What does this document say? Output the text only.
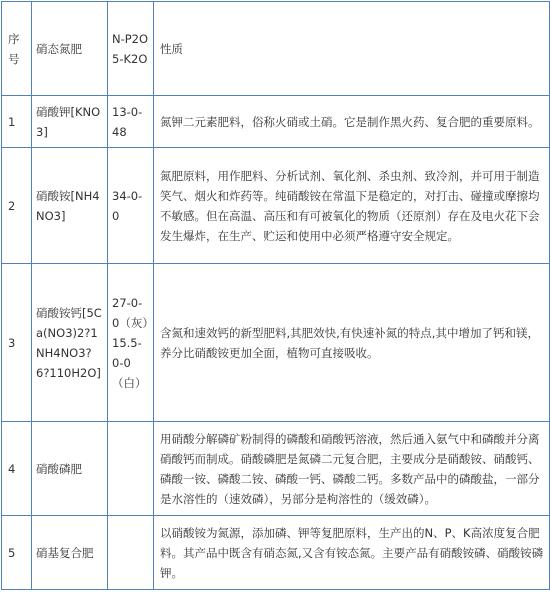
序号	硝态氮肥	N-P2O5-K2O	性质

1	硝酸钾[KNO3]	13-0-48	氮钾二元素肥料，俗称火硝或土硝。它是制作黑火药、复合肥的重要原料。

2	硝酸铵[NH4NO3]	34-0-0	氮肥原料，用作肥料、分析试剂、氧化剂、杀虫剂、致冷剂，并可用于制造笑气、烟火和炸药等。纯硝酸铵在常温下是稳定的，对打击、碰撞或摩擦均不敏感。但在高温、高压和有可被氧化的物质（还原剂）存在及电火花下会发生爆炸，在生产、贮运和使用中必须严格遵守安全规定。

3	硝酸铵钙[5Ca(NO3)2?1NH4NO3?6?110H2O]	27-0-0（灰）15.5-0-0（白）	含氮和速效钙的新型肥料,其肥效快,有快速补氮的特点,其中增加了钙和镁，养分比硝酸铵更加全面，植物可直接吸收。

4	硝酸磷肥		用硝酸分解磷矿粉制得的磷酸和硝酸钙溶液，然后通入氨气中和磷酸并分离硝酸钙而制成。硝酸磷肥是氮磷二元复合肥，主要成分是硝酸铵、硝酸钙、磷酸一铵、磷酸二铵、磷酸一钙、磷酸二钙。多数产品中的磷酸盐，一部分是水溶性的（速效磷），另部分是枸溶性的（缓效磷）。

5	硝基复合肥		以硝酸铵为氮源，添加磷、钾等复肥原料，生产出的N、P、K高浓度复合肥料。其产品中既含有硝态氮,又含有铵态氮。主要产品有硝酸铵磷、硝酸铵磷钾。
